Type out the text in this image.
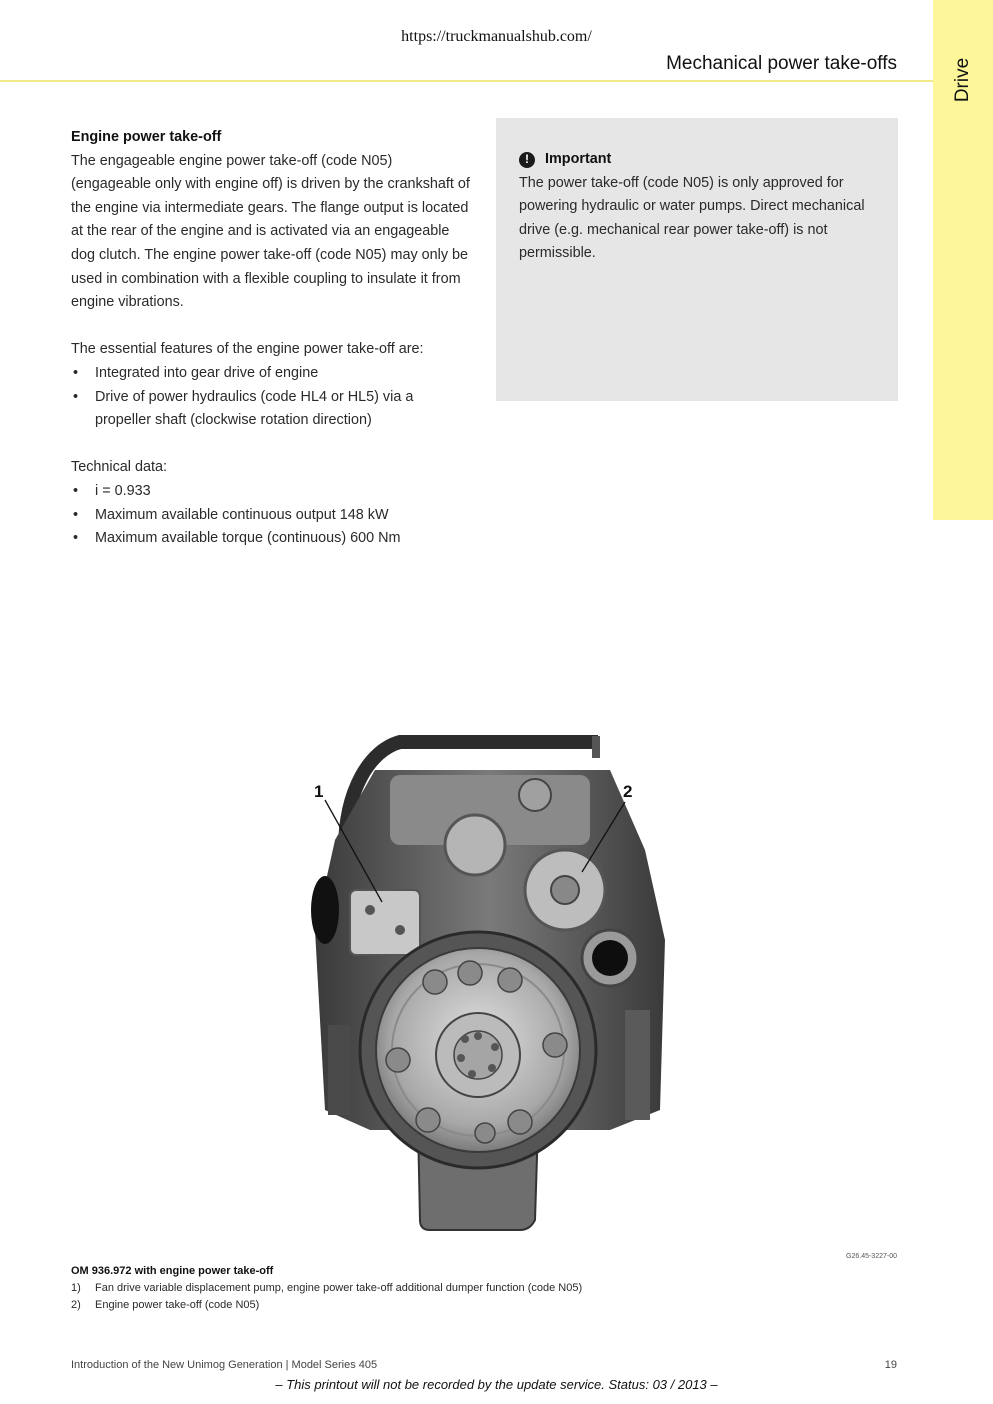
https://truckmanualshub.com/
Mechanical power take-offs	Drive

Engine power take-off

The engageable engine power take-off (code N05) (engageable only with engine off) is driven by the crankshaft of the engine via intermediate gears. The flange output is located at the rear of the engine and is activated via an engageable dog clutch. The engine power take-off (code N05) may only be used in combination with a flexible coupling to insulate it from engine vibrations.

The essential features of the engine power take-off are:

• Integrated into gear drive of engine
• Drive of power hydraulics (code HL4 or HL5) via a propeller shaft (clockwise rotation direction)

Technical data:

• i = 0.933
• Maximum available continuous output 148 kW
• Maximum available torque (continuous) 600 Nm
!	Important

The power take-off (code N05) is only approved for powering hydraulic or water pumps. Direct mechanical drive (e.g. mechanical rear power take-off) is not permissible.

1	2
G26.45-3227-00
OM 936.972 with engine power take-off
1)	Fan drive variable displacement pump, engine power take-off additional dumper function (code N05)
2)	Engine power take-off (code N05)
Introduction of the New Unimog Generation | Model Series 405	19
– This printout will not be recorded by the update service. Status: 03 / 2013 –
